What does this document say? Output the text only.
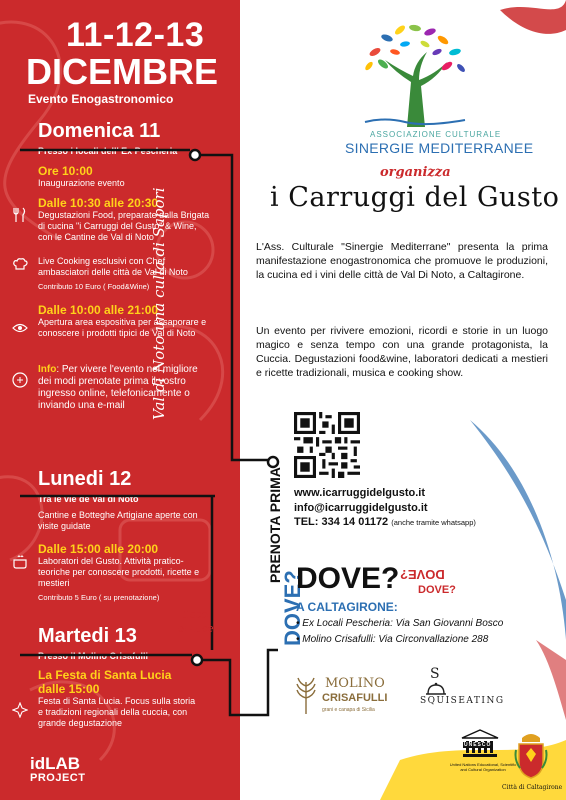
11-12-13
DICEMBRE
Evento Enogastronomico
Domenica 11
Presso i locali dell' Ex Pescheria
Ore 10:00
Inaugurazione evento
Dalle 10:30 alle 20:30
Degustazioni Food, preparate dalla Brigata di cucina "i Carruggi del Gusto" & Wine, con le Cantine de Val di Noto
Live Cooking esclusivi con Chef ambasciatori delle città de Val di Noto
Contributo 10 Euro ( Food&Wine)
Dalle 10:00 alle 21:00
Apertura area espositiva per assaporare e conoscere i prodotti tipici de Val di Noto
Info: Per vivere l'evento nel migliore dei modi prenotate prima il vostro ingresso online, telefonicamente o inviando una e-mail
Lunedi 12
Tra le vie de Val di Noto
Cantine e Botteghe Artigiane aperte con visite guidate
Dalle 15:00 alle 20:00
Laboratori del Gusto. Attività pratico-teoriche per conoscere prodotti, ricette e mestieri
Contributo 5 Euro ( su prenotazione)
Martedi 13
Presso il Molino Crisafulli
La Festa di Santa Lucia dalle 15:00
Festa di Santa Lucia. Focus sulla storia e tradizioni regionali della cuccia, con grande degustazione
Val di Noto una culla di Sapori
idLAB
PROJECT
Cocci
di Luce
ASSOCIAZIONE CULTURALE
SINERGIE MEDITERRANEE
organizza
i Carruggi del Gusto
L'Ass. Culturale "Sinergie Mediterrane" presenta la prima manifestazione enogastronomica che promuove le produzioni, la cucina ed i vini delle città de Val Di Noto, a Caltagirone.
Un evento per rivivere emozioni, ricordi e storie in un luogo magico e senza tempo con una grande protagonista, la Cuccia. Degustazioni food&wine, laboratori dedicati a mestieri e ricette tradizionali, musica e cooking show.
www.icarruggidelgusto.it
info@icarruggidelgusto.it
TEL: 334 14 01172 (anche tramite whatsapp)
PRENOTA PRIMA
DOVE?
DOVE? DOVE?
DOVE?
A CALTAGIRONE:
• Ex Locali Pescheria: Via San Giovanni Bosco
• Molino Crisafulli: Via Circonvallazione 288
MOLINO
CRISAFULLI
grani e canapa di Sicilia
S
SQUISEATING
UNESCO
United Nations Educational, Scientific and Cultural Organization
Città di Caltagirone
